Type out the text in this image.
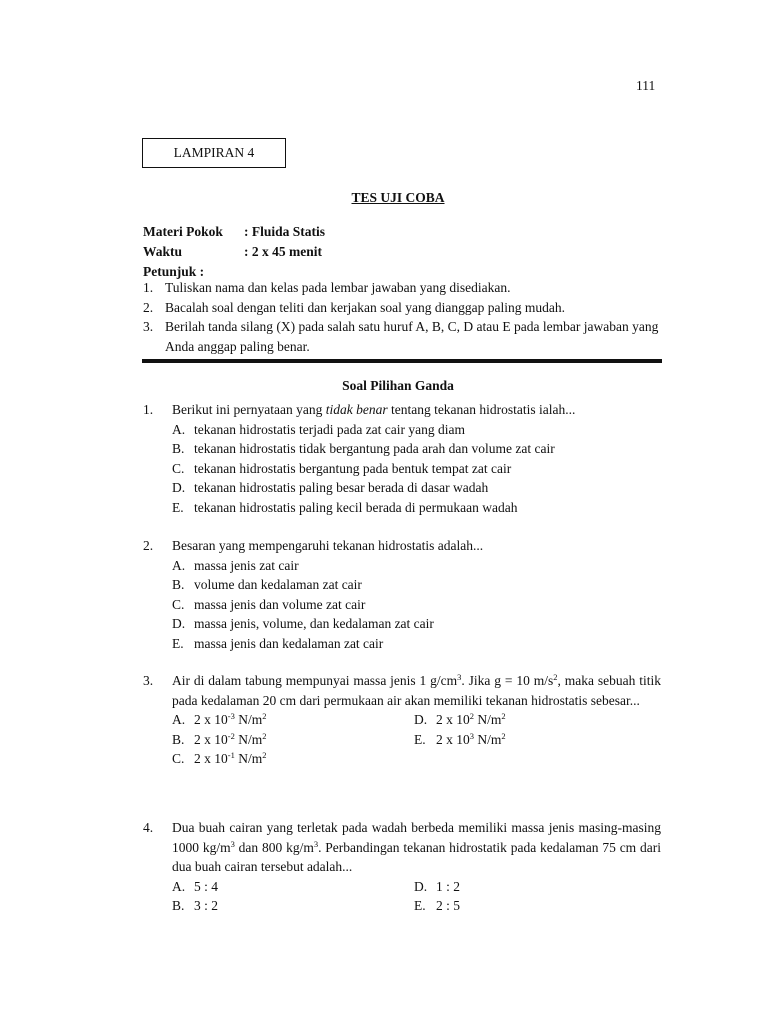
111
LAMPIRAN 4
TES UJI COBA
Materi Pokok : Fluida Statis
Waktu	: 2 x 45 menit
Petunjuk :
1. Tuliskan nama dan kelas pada lembar jawaban yang disediakan.
2. Bacalah soal dengan teliti dan kerjakan soal yang dianggap paling mudah.
3. Berilah tanda silang (X) pada salah satu huruf A, B, C, D atau E pada lembar jawaban yang Anda anggap paling benar.
Soal Pilihan Ganda
1.	Berikut ini pernyataan yang tidak benar tentang tekanan hidrostatis ialah...
A. tekanan hidrostatis terjadi pada zat cair yang diam
B. tekanan hidrostatis tidak bergantung pada arah dan volume zat cair
C. tekanan hidrostatis bergantung pada bentuk tempat zat cair
D. tekanan hidrostatis paling besar berada di dasar wadah
E. tekanan hidrostatis paling kecil berada di permukaan wadah
2.	Besaran yang mempengaruhi tekanan hidrostatis adalah...
A. massa jenis zat cair
B. volume dan kedalaman zat cair
C. massa jenis dan volume zat cair
D. massa jenis, volume, dan kedalaman zat cair
E. massa jenis dan kedalaman zat cair
3.	Air di dalam tabung mempunyai massa jenis 1 $g/cm^3$. Jika g = 10 $m/s^2$, maka sebuah titik pada kedalaman 20 cm dari permukaan air akan memiliki tekanan hidrostatis sebesar...
A. 2 x $10^{-3}$ $N/m^2$	D. 2 x $10^2$ $N/m^2$
B. 2 x $10^{-2}$ $N/m^2$	E. 2 x $10^3$ $N/m^2$
C. 2 x $10^{-1}$ $N/m^2$
4.	Dua buah cairan yang terletak pada wadah berbeda memiliki massa jenis masing-masing 1000 $kg/m^3$ dan 800 $kg/m^3$. Perbandingan tekanan hidrostatik pada kedalaman 75 cm dari dua buah cairan tersebut adalah...
A. 5 : 4	D. 1 : 2
B. 3 : 2	E. 2 : 5
